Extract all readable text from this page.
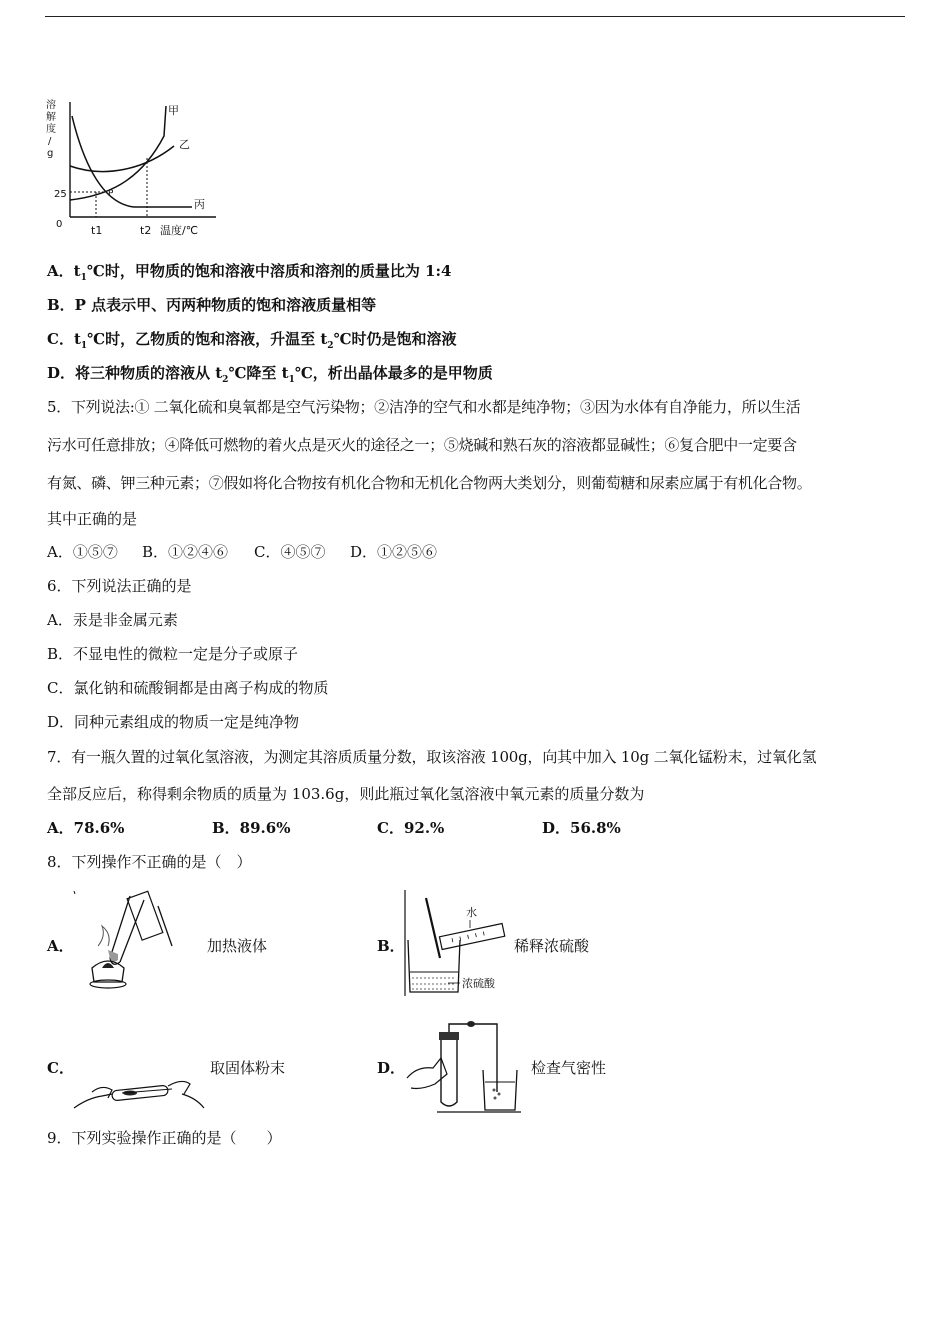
溶
解
度
/
g
甲
乙
丙
P
25
0	t1	t2 温度/℃
A．$t_1℃$时，甲物质的饱和溶液中溶质和溶剂的质量比为 1:4
B．P 点表示甲、丙两种物质的饱和溶液质量相等
C．$t_1℃$时，乙物质的饱和溶液，升温至 $t_2℃$时仍是饱和溶液
D．将三种物质的溶液从 $t_2℃$降至 $t_1℃$，析出晶体最多的是甲物质
5．下列说法:① 二氧化硫和臭氧都是空气污染物；②洁净的空气和水都是纯净物；③因为水体有自净能力，所以生活
污水可任意排放；④降低可燃物的着火点是灭火的途径之一；⑤烧碱和熟石灰的溶液都显碱性；⑥复合肥中一定要含
有氮、磷、钾三种元素；⑦假如将化合物按有机化合物和无机化合物两大类划分，则葡萄糖和尿素应属于有机化合物。
其中正确的是
A．①⑤⑦ B．①②④⑥ C．④⑤⑦ D．①②⑤⑥
6．下列说法正确的是
A．汞是非金属元素
B．不显电性的微粒一定是分子或原子
C．氯化钠和硫酸铜都是由离子构成的物质
D．同种元素组成的物质一定是纯净物
7．有一瓶久置的过氧化氢溶液，为测定其溶质质量分数，取该溶液 100g，向其中加入 10g 二氧化锰粉末，过氧化氢
全部反应后，称得剩余物质的质量为 103.6g，则此瓶过氧化氢溶液中氧元素的质量分数为
A．78.6%	B．89.6%	C．92.%	D．56.8%
8．下列操作不正确的是（　）
A．	加热液体	B．
水
浓硫酸
稀释浓硫酸
C．	取固体粉末	D．	检查气密性
9．下列实验操作正确的是（　　）
